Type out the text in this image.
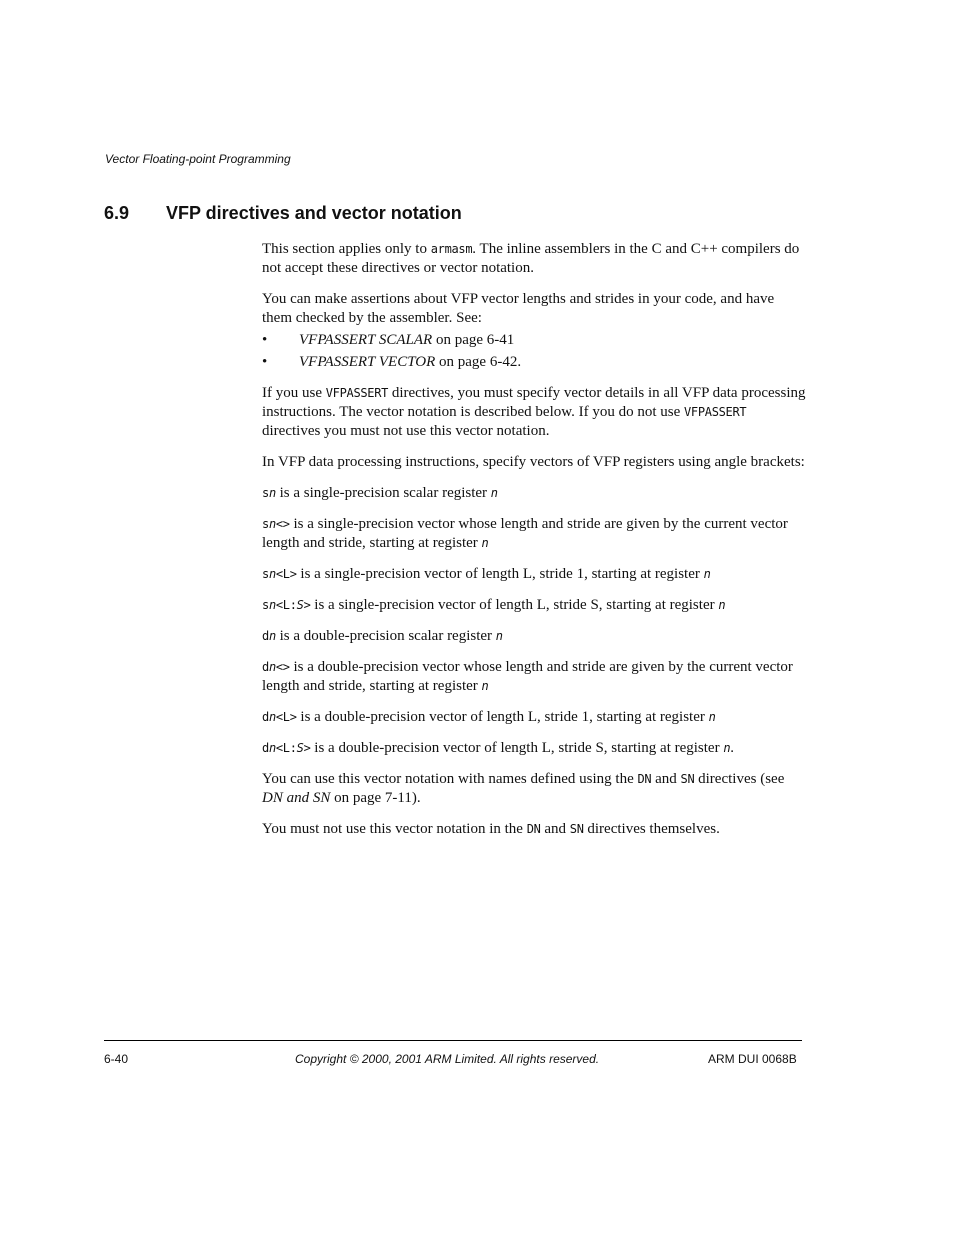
Vector Floating-point Programming
6.9 VFP directives and vector notation

This section applies only to armasm. The inline assemblers in the C and C++ compilers do not accept these directives or vector notation.

You can make assertions about VFP vector lengths and strides in your code, and have them checked by the assembler. See:

• VFPASSERT SCALAR on page 6-41
• VFPASSERT VECTOR on page 6-42.

If you use VFPASSERT directives, you must specify vector details in all VFP data processing instructions. The vector notation is described below. If you do not use VFPASSERT directives you must not use this vector notation.

In VFP data processing instructions, specify vectors of VFP registers using angle brackets:

sn is a single-precision scalar register n

sn<> is a single-precision vector whose length and stride are given by the current vector length and stride, starting at register n

sn<L> is a single-precision vector of length L, stride 1, starting at register n

sn<L:S> is a single-precision vector of length L, stride S, starting at register n

dn is a double-precision scalar register n

dn<> is a double-precision vector whose length and stride are given by the current vector length and stride, starting at register n

dn<L> is a double-precision vector of length L, stride 1, starting at register n

dn<L:S> is a double-precision vector of length L, stride S, starting at register n.

You can use this vector notation with names defined using the DN and SN directives (see DN and SN on page 7-11).

You must not use this vector notation in the DN and SN directives themselves.

6-40	Copyright © 2000, 2001 ARM Limited. All rights reserved.	ARM DUI 0068B
